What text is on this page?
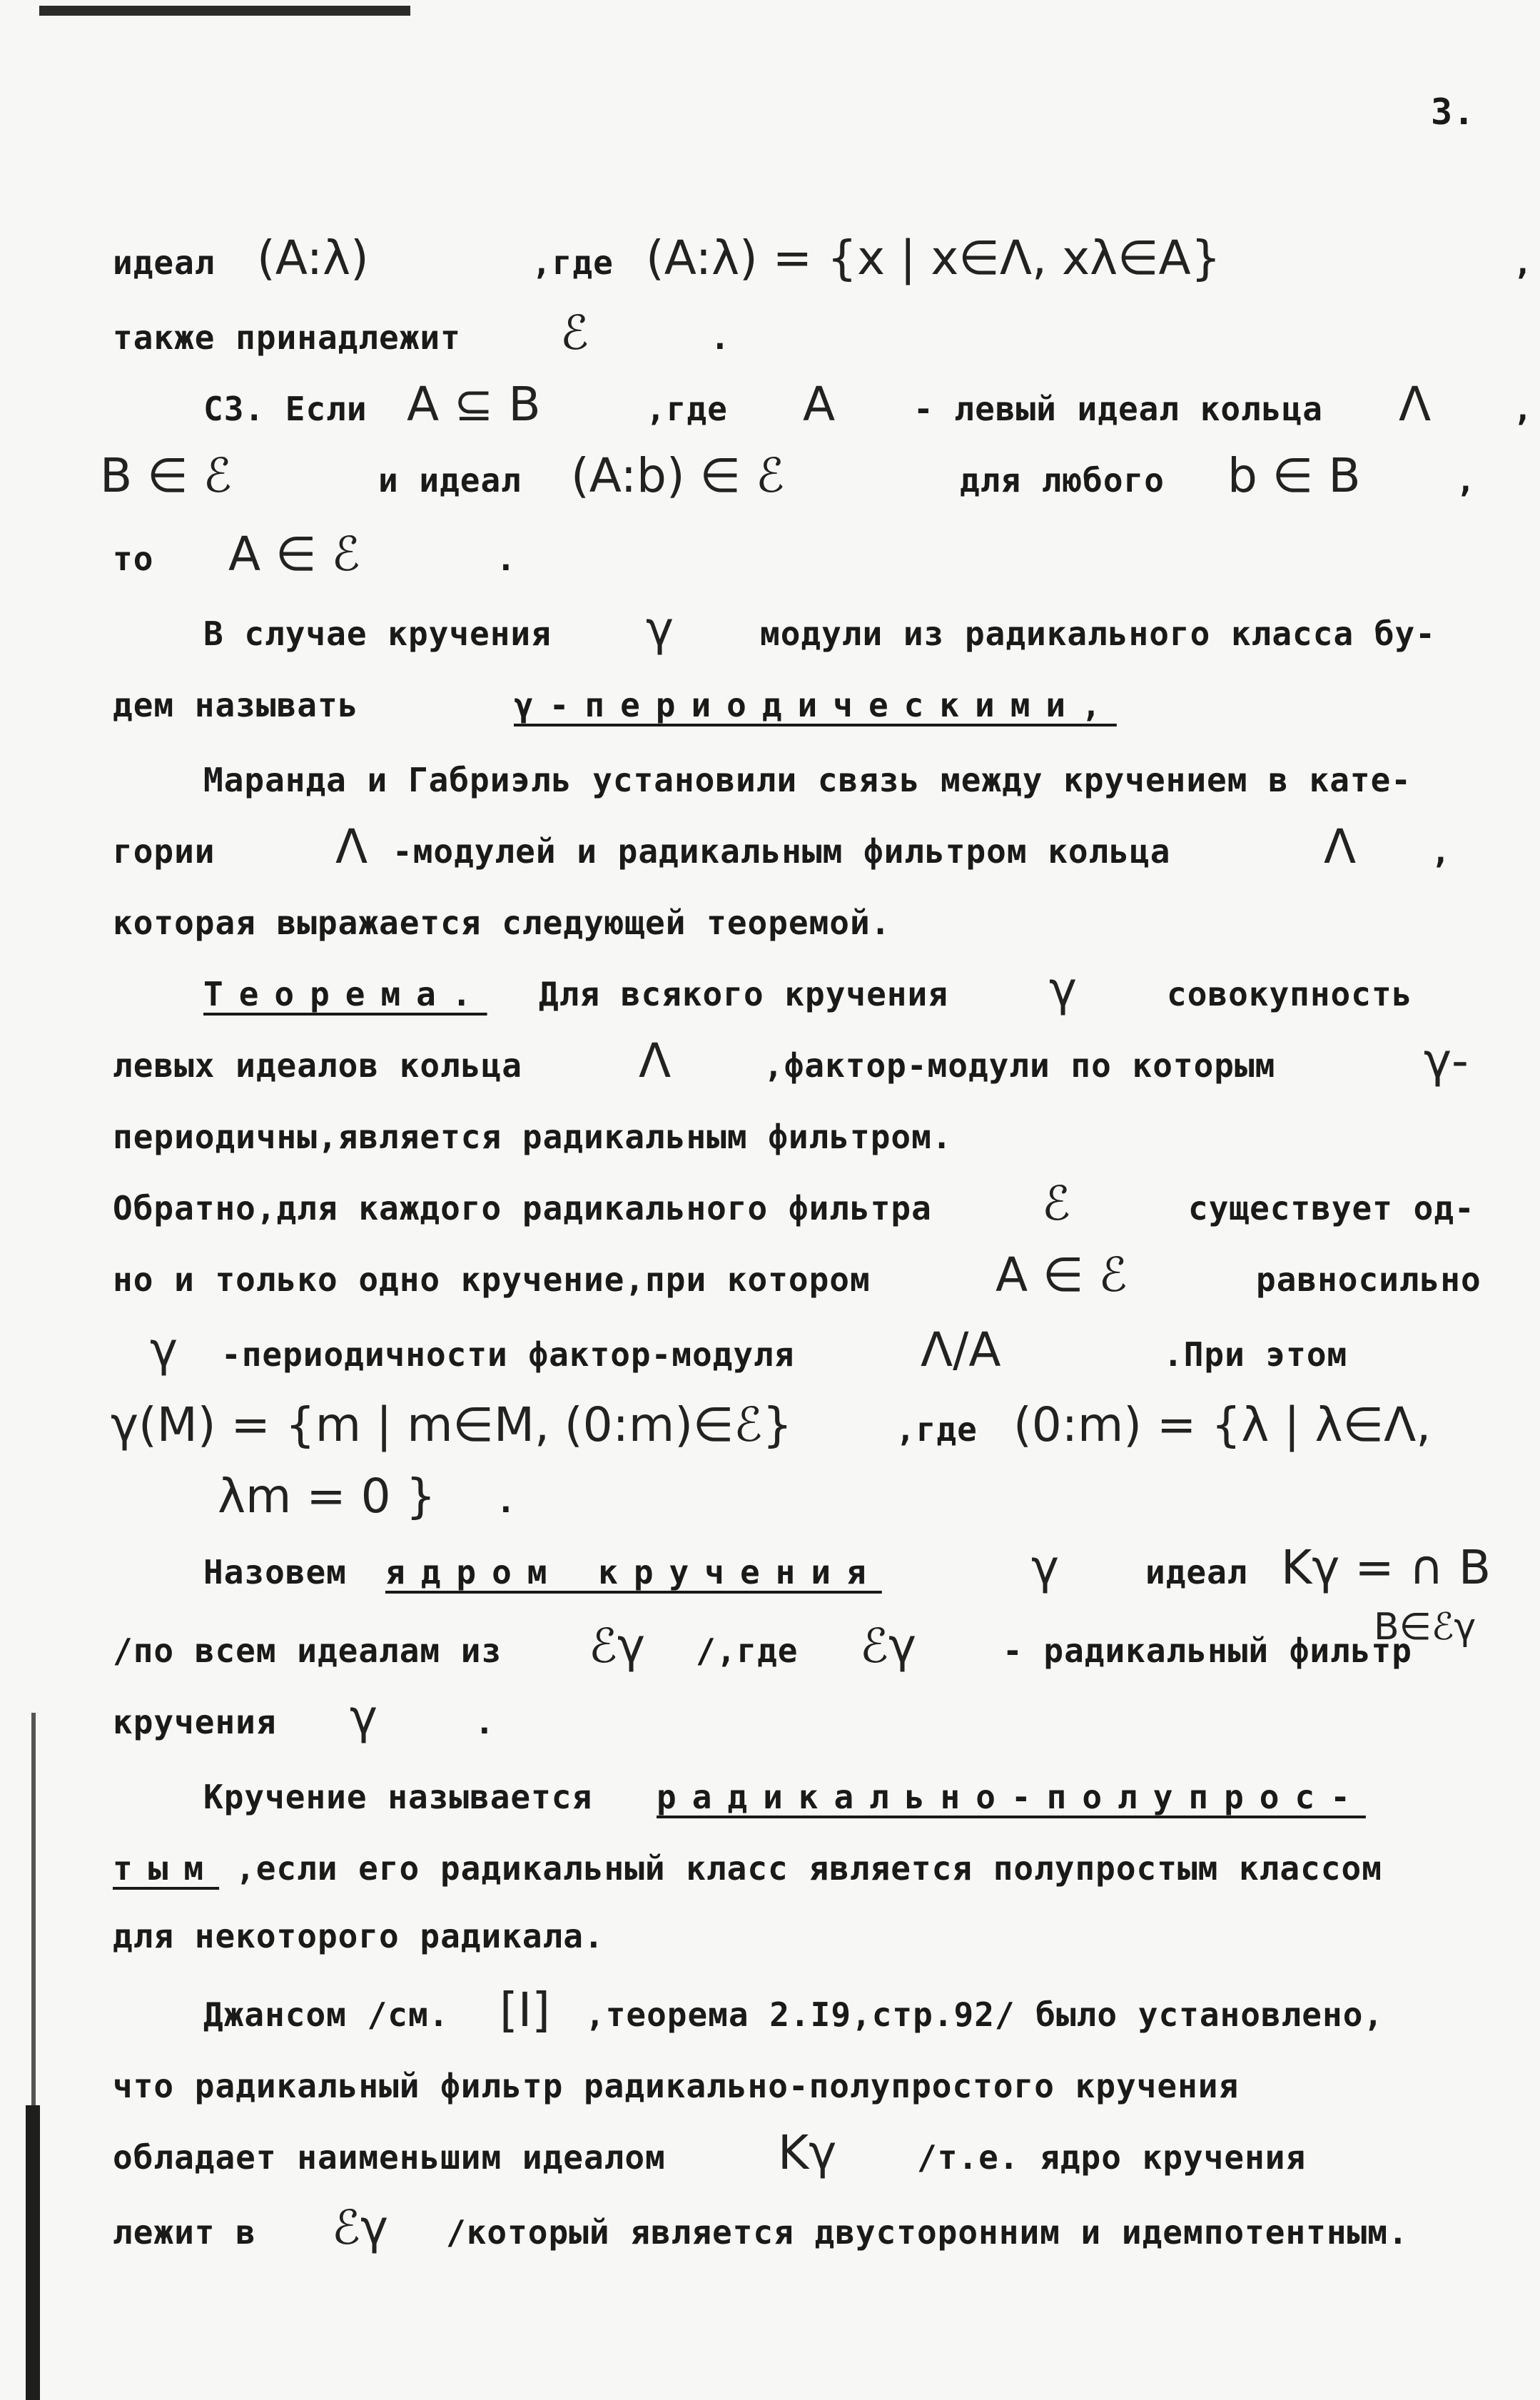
3.
идеал (A:λ)	,где (A:λ) = {x | x∈Λ, xλ∈A}	,
также принадлежит ℰ	.
С3. Если A ⊆ B	,где A - левый идеал кольца Λ ,
B ∈ ℰ	и идеал (A:b) ∈ ℰ	для любого b ∈ B	,
то A ∈ ℰ	.
В случае кручения γ	модули из радикального класса бу-
дем называть
Маранда и Габриэль установили связь между кручением в кате-
гории	Λ -модулей и радикальным фильтром кольца	Λ ,
которая выражается следующей теоремой.
Для всякого кручения γ	совокупность
левых идеалов кольца Λ	,фактор-модули по которым	γ-
периодичны,является радикальным фильтром.
Обратно,для каждого радикального фильтра ℰ	существует од-
но и только одно кручение,при котором	A ∈ ℰ	равносильно
γ -периодичности фактор-модуля	Λ/A	.При этом
γ(M) = {m | m∈M, (0:m)∈ℰ}	,где (0:m) = {λ | λ∈Λ,
λm = 0 } .
Назовем	γ	идеал Kγ = ∩ B
/по всем идеалам из ℰγ /,где ℰγ	- радикальный фильтр
кручения γ	.
Кручение называется
,если его радикальный класс является полупростым классом
для некоторого радикала.
Джансом /см. [I] ,теорема 2.I9,стр.92/ было установлено,
что радикальный фильтр радикально-полупростого кручения
обладает наименьшим идеалом Kγ /т.е. ядро кручения
лежит в ℰγ /который является двусторонним и идемпотентным.
γ-периодическими,
Теорема.
ядром кручения
радикально-полупрос-
тым
B∈ℰγ
